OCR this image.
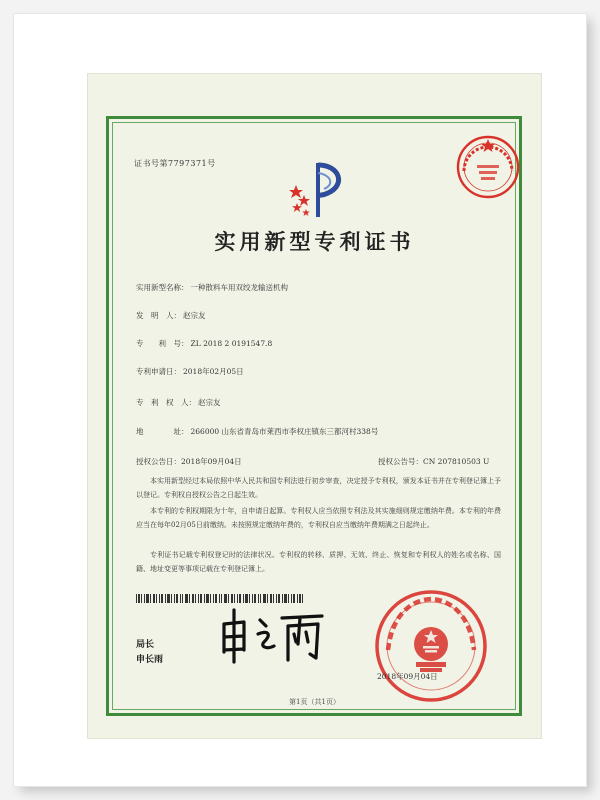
证书号第7797371号
实用新型专利证书
实用新型名称： 一种散料车用双绞龙输送机构
发　明　人： 赵宗友
专　　利　号： ZL 2018 2 0191547.8
专利申请日： 2018年02月05日
专　利　权　人： 赵宗友
地　　　　址： 266000 山东省青岛市莱西市李权庄镇东三都河村338号
授权公告日：2018年09月04日	授权公告号：CN 207810503 U
本实用新型经过本局依照中华人民共和国专利法进行初步审查，决定授予专利权，颁发本证书并在专利登记簿上予以登记。专利权自授权公告之日起生效。
本专利的专利权期限为十年，自申请日起算。专利权人应当依照专利法及其实施细则规定缴纳年费。本专利的年费应当在每年02月05日前缴纳。未按照规定缴纳年费的，专利权自应当缴纳年费期满之日起终止。
专利证书记载专利权登记时的法律状况。专利权的转移、质押、无效、终止、恢复和专利权人的姓名或名称、国籍、地址变更等事项记载在专利登记簿上。
局长
申长雨
2018年09月04日
第1页（共1页）
